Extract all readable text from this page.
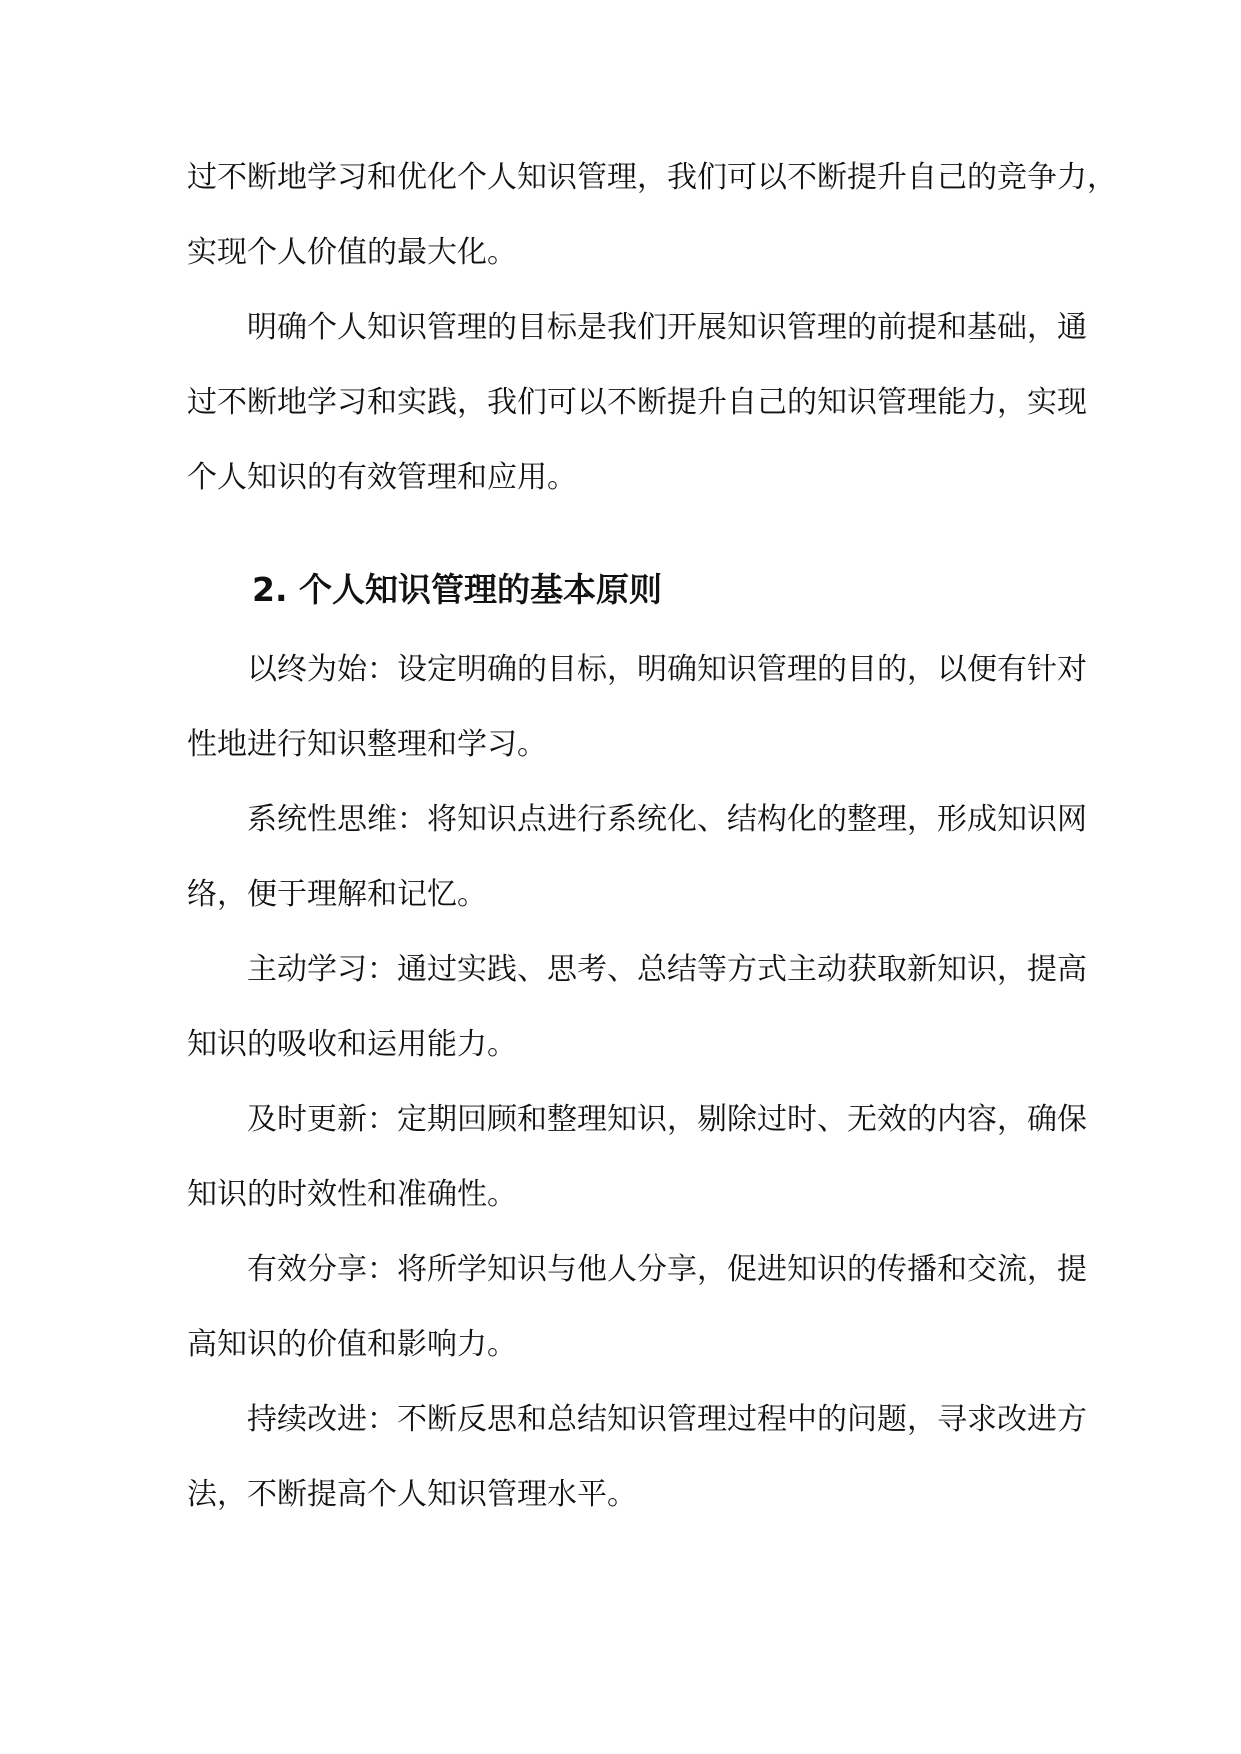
过不断地学习和优化个人知识管理，我们可以不断提升自己的竞争力，
实现个人价值的最大化。
明确个人知识管理的目标是我们开展知识管理的前提和基础，通
过不断地学习和实践，我们可以不断提升自己的知识管理能力，实现
个人知识的有效管理和应用。
2. 个人知识管理的基本原则
以终为始：设定明确的目标，明确知识管理的目的，以便有针对
性地进行知识整理和学习。
系统性思维：将知识点进行系统化、结构化的整理，形成知识网
络，便于理解和记忆。
主动学习：通过实践、思考、总结等方式主动获取新知识，提高
知识的吸收和运用能力。
及时更新：定期回顾和整理知识，剔除过时、无效的内容，确保
知识的时效性和准确性。
有效分享：将所学知识与他人分享，促进知识的传播和交流，提
高知识的价值和影响力。
持续改进：不断反思和总结知识管理过程中的问题，寻求改进方
法，不断提高个人知识管理水平。
